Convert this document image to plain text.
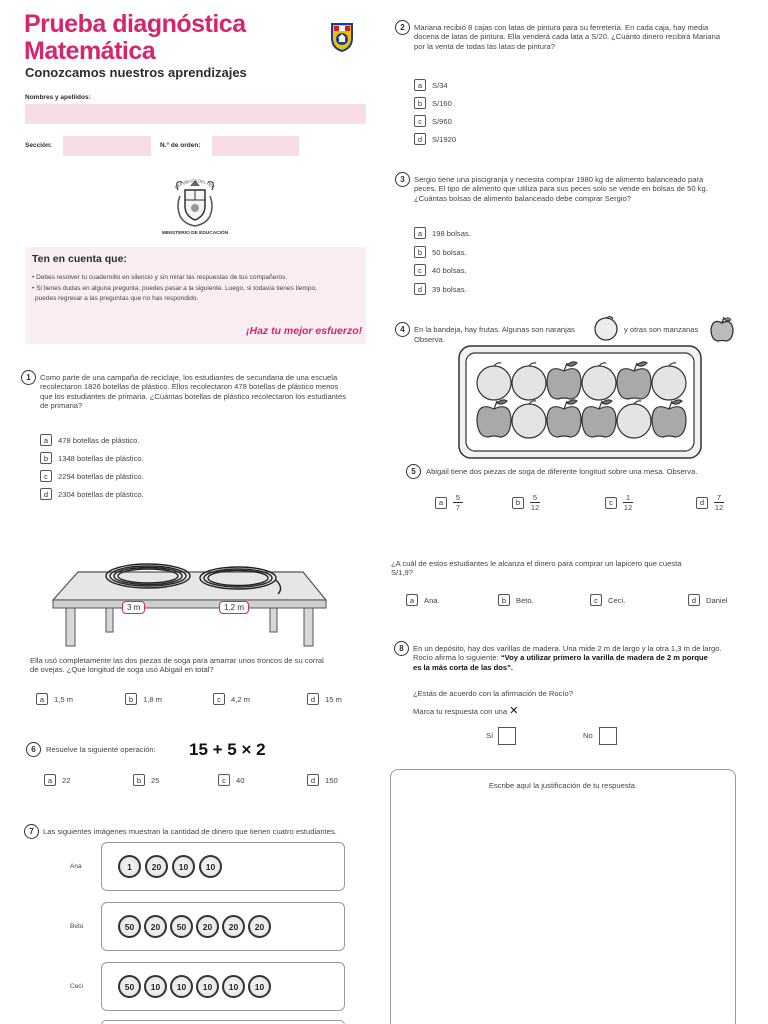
Prueba diagnóstica
Matemática
Conozcamos nuestros aprendizajes
Nombres y apellidos:
Sección:	N.° de orden:
REPÚBLICA DEL PER
MINISTERIO DE EDUCACIÓN
Ten en cuenta que:
• Debes resolver tu cuadernillo en silencio y sin mirar las respuestas de tus compañeros.
• Si tienes dudas en alguna pregunta, puedes pasar a la siguiente. Luego, si todavía tienes tiempo,
puedes regresar a las preguntas que no has respondido.
¡Haz tu mejor esfuerzo!
1	Como parte de una campaña de reciclaje, los estudiantes de secundaria de una escuela
recolectaron 1826 botellas de plástico. Ellos recolectaron 478 botellas de plástico menos
que los estudiantes de primaria. ¿Cuántas botellas de plástico recolectaron los estudiantes
de primaria?
a	478 botellas de plástico.
b	1348 botellas de plástico.
c	2294 botellas de plástico.
d	2304 botellas de plástico.
3 m	1,2 m
Ella usó completamente las dos piezas de soga para amarrar unos troncos de su corral
de ovejas. ¿Qué longitud de soga usó Abigail en total?
a	1,5 m	b	1,8 m	c	4,2 m	d	15 m
6	Resuelve la siguiente operación: 15 + 5 × 2
a	22	b	25	c	40	d	150
7	Las siguientes imágenes muestran la cantidad de dinero que tienen cuatro estudiantes.
Ana	1	20	10	10
Beto	50	20	50	20	20	20
Ceci	50	10	10	10	10	10
2	Mariana recibió 8 cajas con latas de pintura para su ferretería. En cada caja, hay media
docena de latas de pintura. Ella venderá cada lata a S/20. ¿Cuánto dinero recibirá Mariana
por la venta de todas las latas de pintura?
a	S/34
b	S/160
c	S/960
d	S/1920
3	Sergio tiene una piscigranja y necesita comprar 1980 kg de alimento balanceado para
peces. El tipo de alimento que utiliza para sus peces solo se vende en bolsas de 50 kg.
¿Cuántas bolsas de alimento balanceado debe comprar Sergio?
a	198 bolsas.
b	50 bolsas.
c	40 bolsas.
d	39 bolsas.
4	En la bandeja, hay frutas. Algunas son naranjas	y otras son manzanas
Observa.
5	Abigail tiene dos piezas de soga de diferente longitud sobre una mesa. Observa.
a	$\frac{5}{7}$	b	$\frac{5}{12}$	c	$\frac{1}{12}$	d	$\frac{7}{12}$
¿A cuál de estos estudiantes le alcanza el dinero para comprar un lapicero que cuesta
S/1,9?
a	Ana.	b	Beto.	c	Ceci.	d	Daniel
8	En un depósito, hay dos varillas de madera. Una mide 2 m de largo y la otra 1,3 m de largo.
Rocío afirma lo siguiente: “Voy a utilizar primero la varilla de madera de 2 m porque
es la más corta de las dos”.
¿Estás de acuerdo con la afirmación de Rocío?
Marca tu respuesta con una ✕
Sí	No
Escribe aquí la justificación de tu respuesta.
